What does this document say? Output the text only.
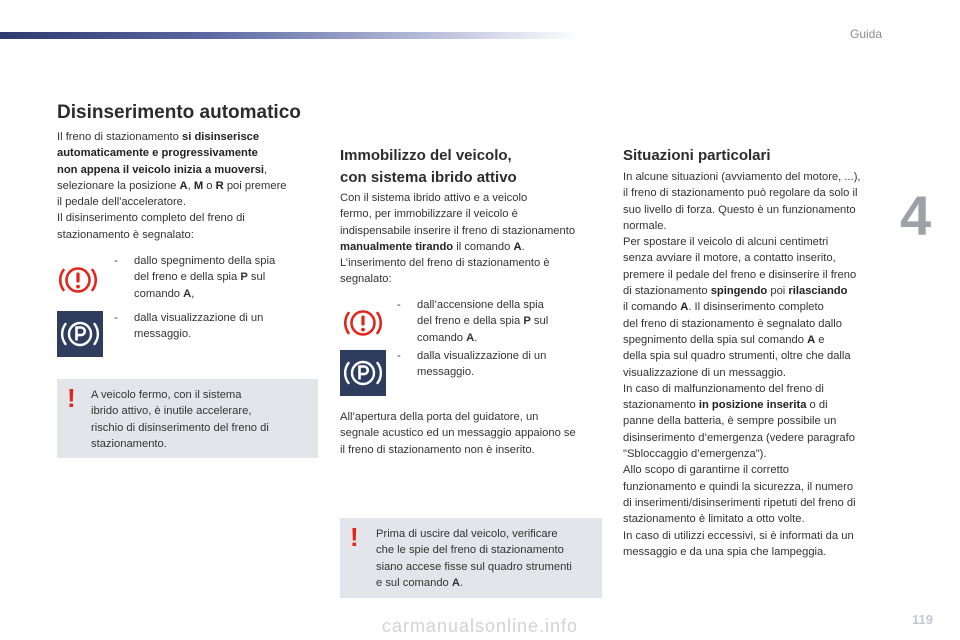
Guida
4
Disinserimento automatico
Il freno di stazionamento si disinserisce
automaticamente e progressivamente
non appena il veicolo inizia a muoversi,
selezionare la posizione A, M o R poi premere
il pedale dell'acceleratore.
Il disinserimento completo del freno di
stazionamento è segnalato:
- dallo spegnimento della spia
del freno e della spia P sul
comando A,
- dalla visualizzazione di un
messaggio.
! A veicolo fermo, con il sistema
ibrido attivo, è inutile accelerare,
rischio di disinserimento del freno di
stazionamento.
Immobilizzo del veicolo,
con sistema ibrido attivo
Con il sistema ibrido attivo e a veicolo
fermo, per immobilizzare il veicolo è
indispensabile inserire il freno di stazionamento
manualmente tirando il comando A.
L’inserimento del freno di stazionamento è
segnalato:
- dall’accensione della spia
del freno e della spia P sul
comando A.
- dalla visualizzazione di un
messaggio.
All’apertura della porta del guidatore, un
segnale acustico ed un messaggio appaiono se
il freno di stazionamento non è inserito.
! Prima di uscire dal veicolo, verificare
che le spie del freno di stazionamento
siano accese fisse sul quadro strumenti
e sul comando A.
Situazioni particolari
In alcune situazioni (avviamento del motore, ...),
il freno di stazionamento può regolare da solo il
suo livello di forza. Questo è un funzionamento
normale.
Per spostare il veicolo di alcuni centimetri
senza avviare il motore, a contatto inserito,
premere il pedale del freno e disinserire il freno
di stazionamento spingendo poi rilasciando
il comando A. Il disinserimento completo
del freno di stazionamento è segnalato dallo
spegnimento della spia sul comando A e
della spia sul quadro strumenti, oltre che dalla
visualizzazione di un messaggio.
In caso di malfunzionamento del freno di
stazionamento in posizione inserita o di
panne della batteria, è sempre possibile un
disinserimento d’emergenza (vedere paragrafo
"Sbloccaggio d’emergenza").
Allo scopo di garantirne il corretto
funzionamento e quindi la sicurezza, il numero
di inserimenti/disinserimenti ripetuti del freno di
stazionamento è limitato a otto volte.
In caso di utilizzi eccessivi, si è informati da un
messaggio e da una spia che lampeggia.
119
carmanualsonline.info
